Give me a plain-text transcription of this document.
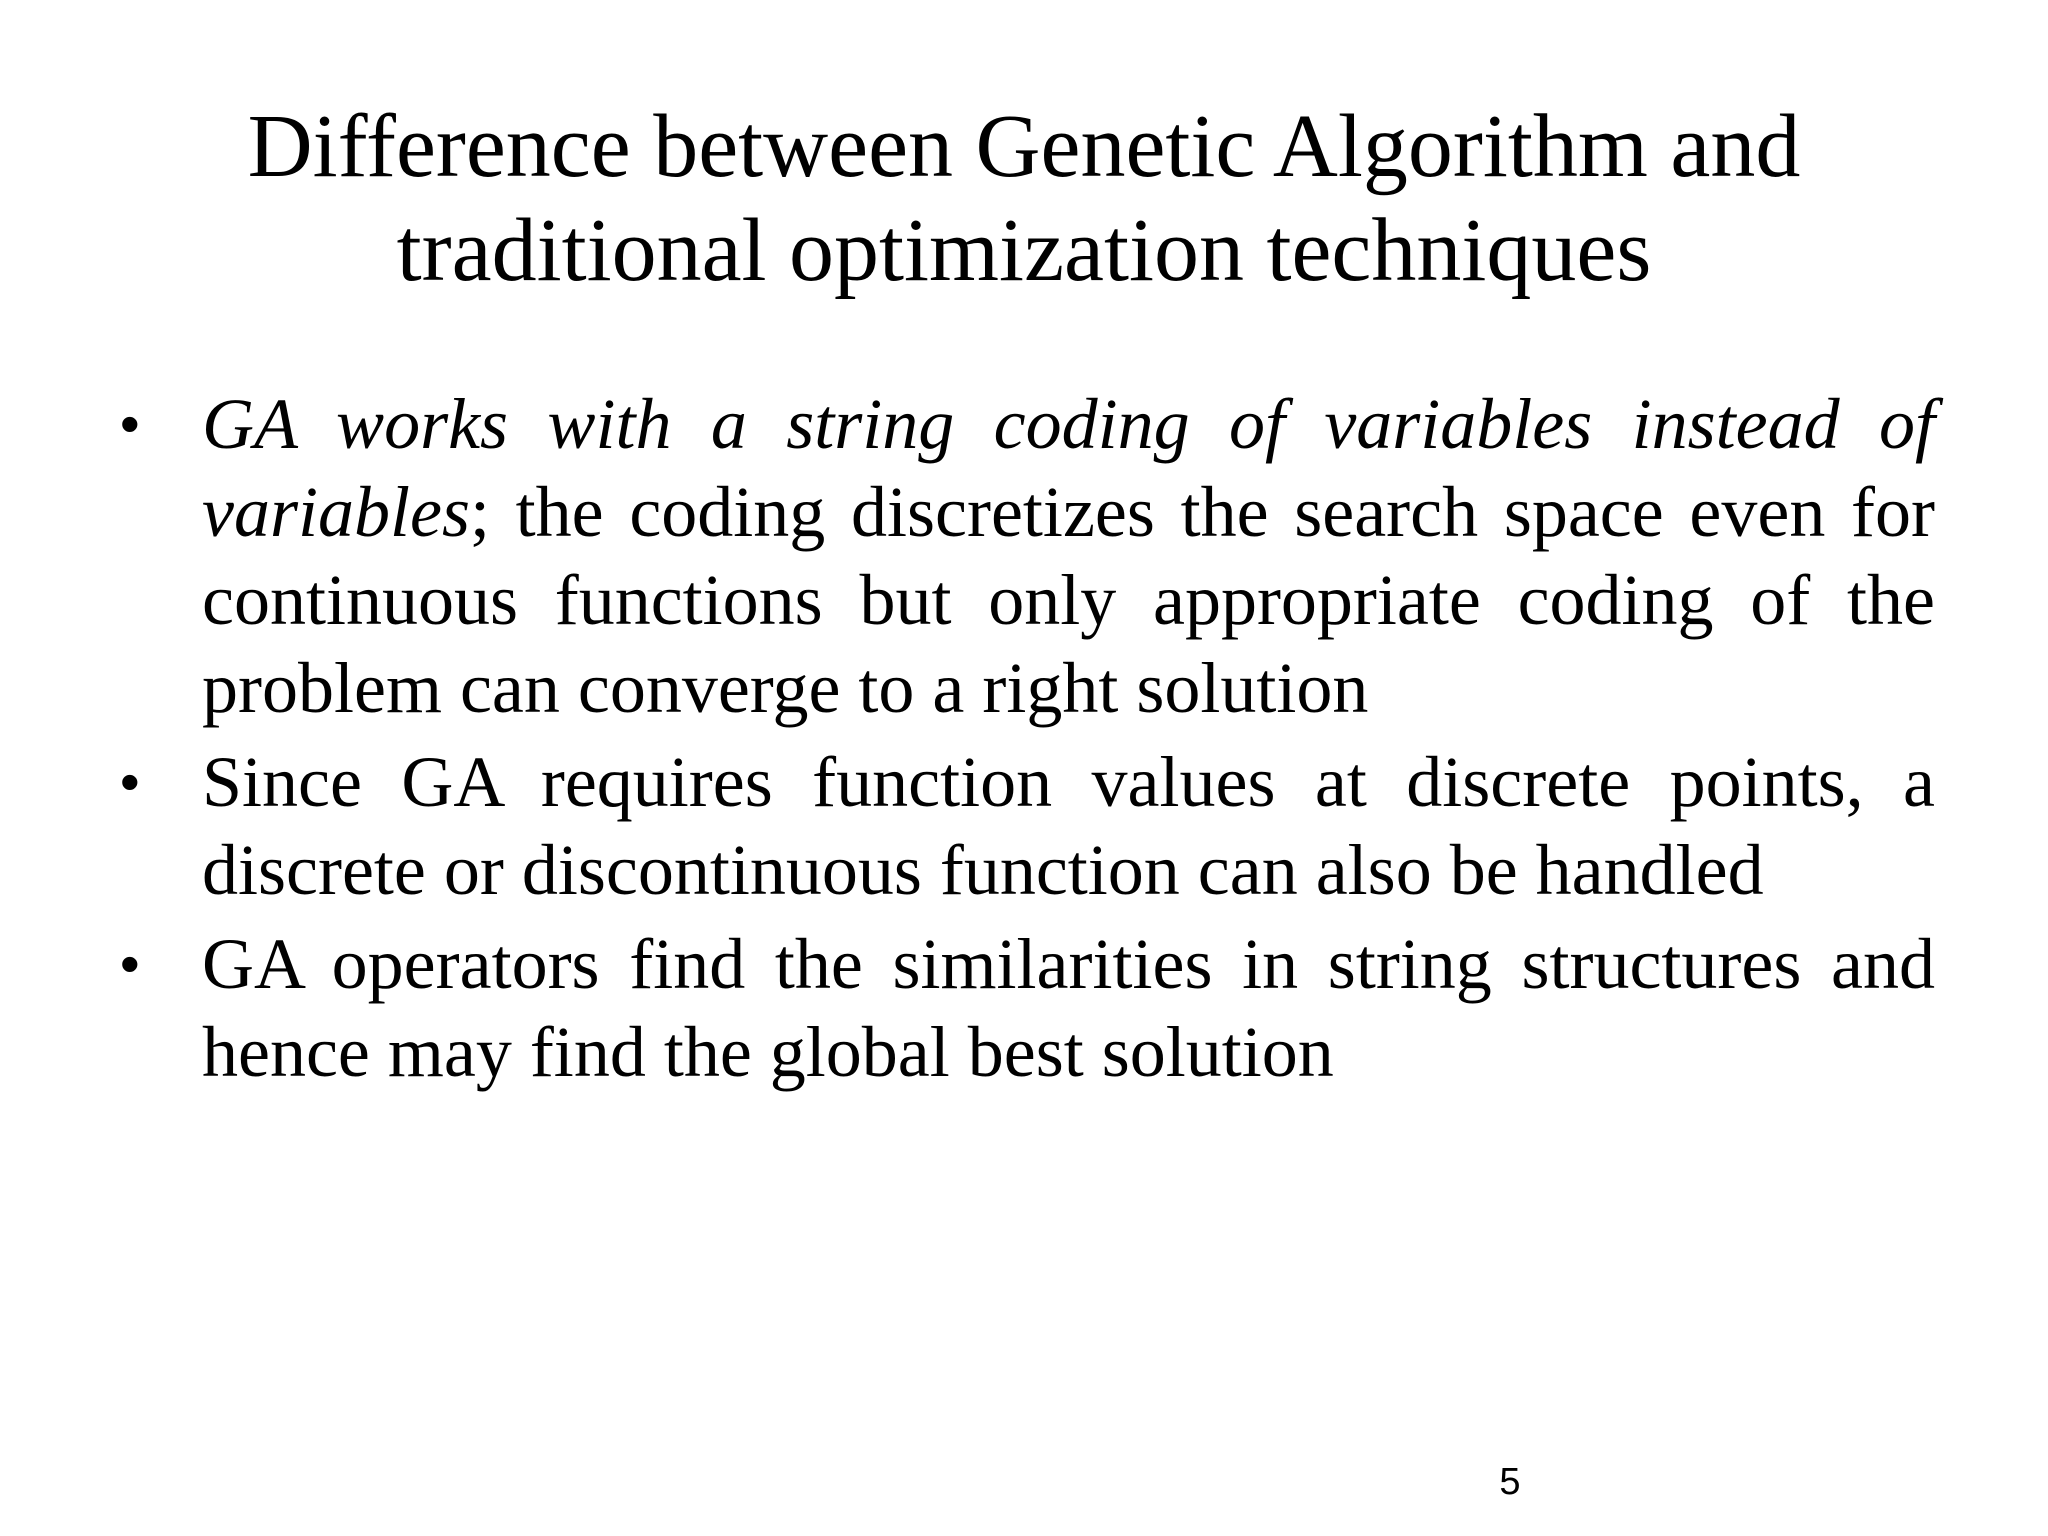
Difference between Genetic Algorithm and
traditional optimization techniques
• GA works with a string coding of variables instead of variables; the coding discretizes the search space even for continuous functions but only appropriate coding of the problem can converge to a right solution
• Since GA requires function values at discrete points, a discrete or discontinuous function can also be handled
• GA operators find the similarities in string structures and hence may find the global best solution
5
